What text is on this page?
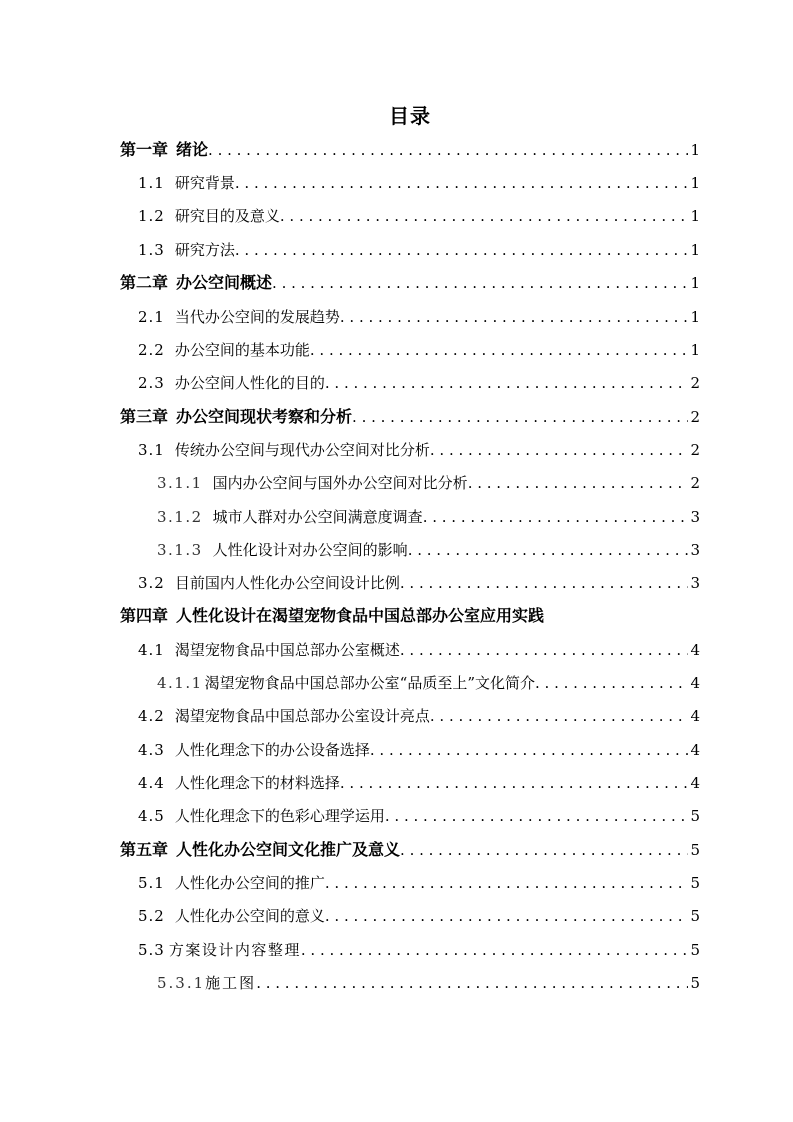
目录
第一章 绪论 . . .	1
1.1 研究背景 . . .	1
1.2 研究目的及意义 . . .	1
1.3 研究方法 . . .	1
第二章 办公空间概述 . . .	1
2.1 当代办公空间的发展趋势 . . .	1
2.2 办公空间的基本功能 . . .	1
2.3 办公空间人性化的目的 . . .	2
第三章 办公空间现状考察和分析 . . .	2
3.1 传统办公空间与现代办公空间对比分析 . . .	2
3.1.1 国内办公空间与国外办公空间对比分析 . . .	2
3.1.2 城市人群对办公空间满意度调查 . . .	3
3.1.3 人性化设计对办公空间的影响 . . .	3
3.2 目前国内人性化办公空间设计比例 . . .	3
第四章 人性化设计在渴望宠物食品中国总部办公室应用实践
4.1 渴望宠物食品中国总部办公室概述 . . .	4
4.1.1 渴望宠物食品中国总部办公室“品质至上”文化简介 . . .	4
4.2 渴望宠物食品中国总部办公室设计亮点 . . .	4
4.3 人性化理念下的办公设备选择 . . .	4
4.4 人性化理念下的材料选择 . . .	4
4.5 人性化理念下的色彩心理学运用 . . .	5
第五章 人性化办公空间文化推广及意义 . . .	5
5.1 人性化办公空间的推广 . . .	5
5.2 人性化办公空间的意义 . . .	5
5.3 方案设计内容整理 . . .	5
5.3.1 施工图 . . .	5
